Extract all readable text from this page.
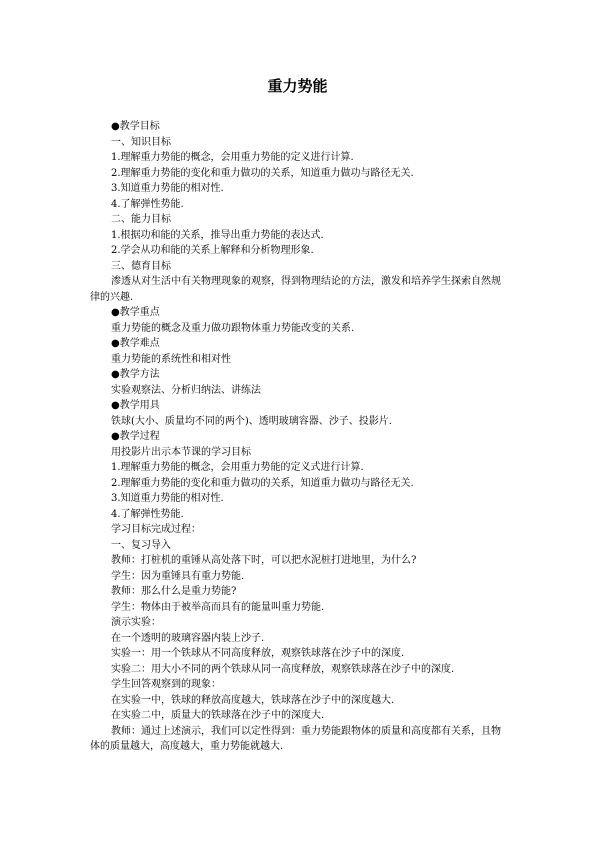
重力势能
●教学目标
一、知识目标
1.理解重力势能的概念，会用重力势能的定义进行计算.
2.理解重力势能的变化和重力做功的关系，知道重力做功与路径无关.
3.知道重力势能的相对性.
4.了解弹性势能.
二、能力目标
1.根据功和能的关系，推导出重力势能的表达式.
2.学会从功和能的关系上解释和分析物理形象.
三、德育目标
渗透从对生活中有关物理现象的观察，得到物理结论的方法，激发和培养学生探索自然规律的兴趣.
●教学重点
重力势能的概念及重力做功跟物体重力势能改变的关系.
●教学难点
重力势能的系统性和相对性
●教学方法
实验观察法、分析归纳法、讲练法
●教学用具
铁球(大小、质量均不同的两个)、透明玻璃容器、沙子、投影片.
●教学过程
用投影片出示本节课的学习目标
1.理解重力势能的概念，会用重力势能的定义式进行计算.
2.理解重力势能的变化和重力做功的关系，知道重力做功与路径无关.
3.知道重力势能的相对性.
4.了解弹性势能.
学习目标完成过程：
一、复习导入
教师：打桩机的重锤从高处落下时，可以把水泥桩打进地里，为什么?
学生：因为重锤具有重力势能.
教师：那么什么是重力势能?
学生：物体由于被举高而具有的能量叫重力势能.
演示实验：
在一个透明的玻璃容器内装上沙子.
实验一：用一个铁球从不同高度释放，观察铁球落在沙子中的深度.
实验二：用大小不同的两个铁球从同一高度释放，观察铁球落在沙子中的深度.
学生回答观察到的现象：
在实验一中，铁球的释放高度越大，铁球落在沙子中的深度越大.
在实验二中，质量大的铁球落在沙子中的深度大.
教师：通过上述演示，我们可以定性得到：重力势能跟物体的质量和高度都有关系，且物体的质量越大，高度越大，重力势能就越大.
